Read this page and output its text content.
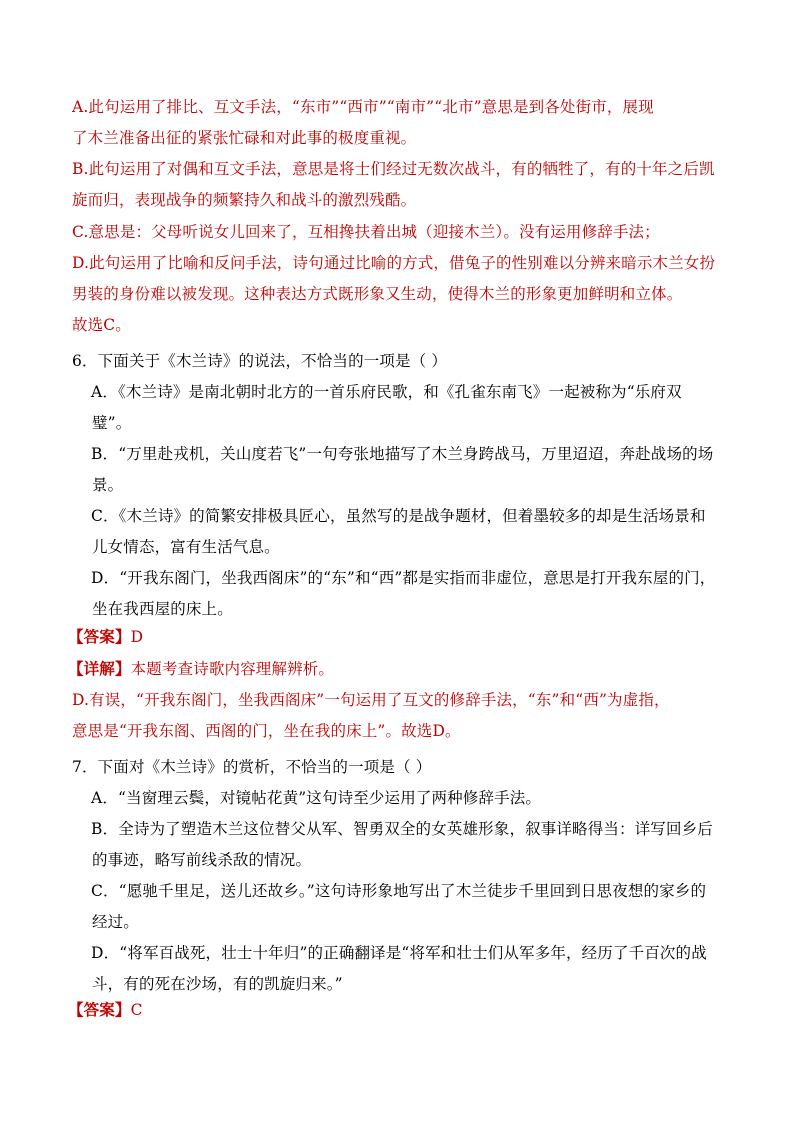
A.此句运用了排比、互文手法，“东市”“西市”“南市”“北市”意思是到各处街市，展现
了木兰准备出征的紧张忙碌和对此事的极度重视。
B.此句运用了对偶和互文手法，意思是将士们经过无数次战斗，有的牺牲了，有的十年之后凯
旋而归，表现战争的频繁持久和战斗的激烈残酷。
C.意思是：父母听说女儿回来了，互相搀扶着出城（迎接木兰）。没有运用修辞手法；
D.此句运用了比喻和反问手法，诗句通过比喻的方式，借兔子的性别难以分辨来暗示木兰女扮
男装的身份难以被发现。这种表达方式既形象又生动，使得木兰的形象更加鲜明和立体。
故选C。
6．下面关于《木兰诗》的说法，不恰当的一项是（ ）
A．《木兰诗》是南北朝时北方的一首乐府民歌，和《孔雀东南飞》一起被称为“乐府双
璧”。
B．“万里赴戎机，关山度若飞”一句夸张地描写了木兰身跨战马，万里迢迢，奔赴战场的场
景。
C．《木兰诗》的简繁安排极具匠心，虽然写的是战争题材，但着墨较多的却是生活场景和
儿女情态，富有生活气息。
D．“开我东阁门，坐我西阁床”的“东”和“西”都是实指而非虚位，意思是打开我东屋的门，
坐在我西屋的床上。
【答案】D
【详解】本题考查诗歌内容理解辨析。
D.有误，“开我东阁门，坐我西阁床”一句运用了互文的修辞手法，“东”和“西”为虚指，
意思是“开我东阁、西阁的门，坐在我的床上”。故选D。
7．下面对《木兰诗》的赏析，不恰当的一项是（ ）
A．“当窗理云鬓，对镜帖花黄”这句诗至少运用了两种修辞手法。
B．全诗为了塑造木兰这位替父从军、智勇双全的女英雄形象，叙事详略得当：详写回乡后
的事迹，略写前线杀敌的情况。
C．“愿驰千里足，送儿还故乡。”这句诗形象地写出了木兰徒步千里回到日思夜想的家乡的
经过。
D．“将军百战死，壮士十年归”的正确翻译是“将军和壮士们从军多年，经历了千百次的战
斗，有的死在沙场，有的凯旋归来。”
【答案】C
